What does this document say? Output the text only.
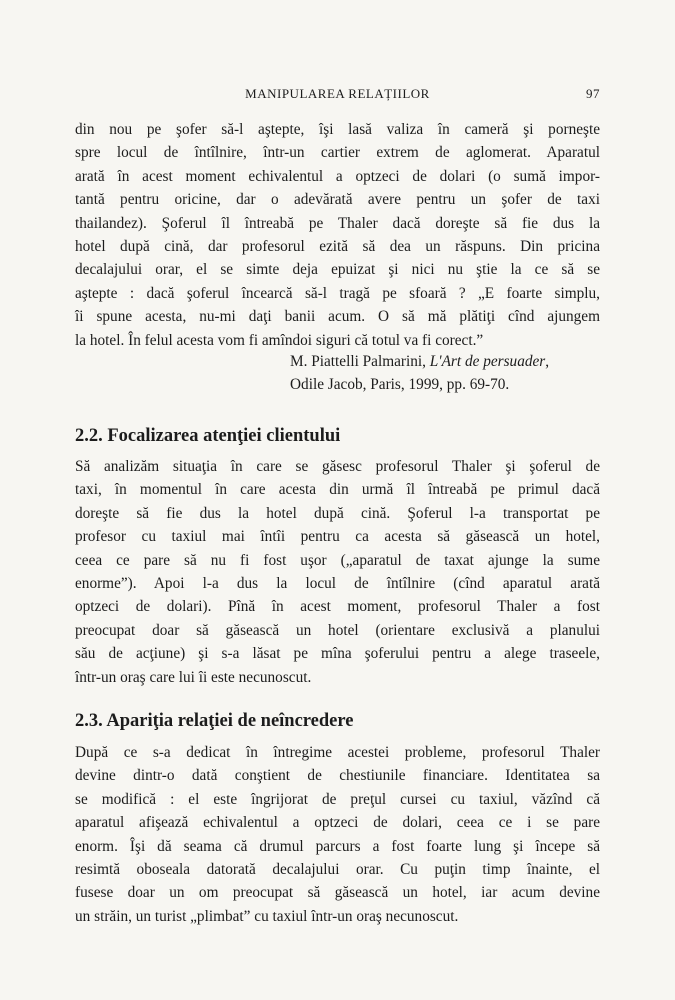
MANIPULAREA RELAȚIILOR	97
din nou pe şofer să-l aştepte, îşi lasă valiza în cameră şi porneşte
spre locul de întîlnire, într-un cartier extrem de aglomerat. Aparatul
arată în acest moment echivalentul a optzeci de dolari (o sumă impor-
tantă pentru oricine, dar o adevărată avere pentru un şofer de taxi
thailandez). Şoferul îl întreabă pe Thaler dacă doreşte să fie dus la
hotel după cină, dar profesorul ezită să dea un răspuns. Din pricina
decalajului orar, el se simte deja epuizat şi nici nu ştie la ce să se
aştepte : dacă şoferul încearcă să-l tragă pe sfoară ? „E foarte simplu,
îi spune acesta, nu-mi daţi banii acum. O să mă plătiţi cînd ajungem
la hotel. În felul acesta vom fi amîndoi siguri că totul va fi corect.”
M. Piattelli Palmarini, L'Art de persuader,
Odile Jacob, Paris, 1999, pp. 69-70.
2.2. Focalizarea atenţiei clientului
Să analizăm situaţia în care se găsesc profesorul Thaler şi şoferul de
taxi, în momentul în care acesta din urmă îl întreabă pe primul dacă
doreşte să fie dus la hotel după cină. Şoferul l-a transportat pe
profesor cu taxiul mai întîi pentru ca acesta să găsească un hotel,
ceea ce pare să nu fi fost uşor („aparatul de taxat ajunge la sume
enorme”). Apoi l-a dus la locul de întîlnire (cînd aparatul arată
optzeci de dolari). Pînă în acest moment, profesorul Thaler a fost
preocupat doar să găsească un hotel (orientare exclusivă a planului
său de acţiune) şi s-a lăsat pe mîna şoferului pentru a alege traseele,
într-un oraş care lui îi este necunoscut.
2.3. Apariţia relaţiei de neîncredere
După ce s-a dedicat în întregime acestei probleme, profesorul Thaler
devine dintr-o dată conştient de chestiunile financiare. Identitatea sa
se modifică : el este îngrijorat de preţul cursei cu taxiul, văzînd că
aparatul afişează echivalentul a optzeci de dolari, ceea ce i se pare
enorm. Îşi dă seama că drumul parcurs a fost foarte lung şi începe să
resimtă oboseala datorată decalajului orar. Cu puţin timp înainte, el
fusese doar un om preocupat să găsească un hotel, iar acum devine
un străin, un turist „plimbat” cu taxiul într-un oraş necunoscut.
